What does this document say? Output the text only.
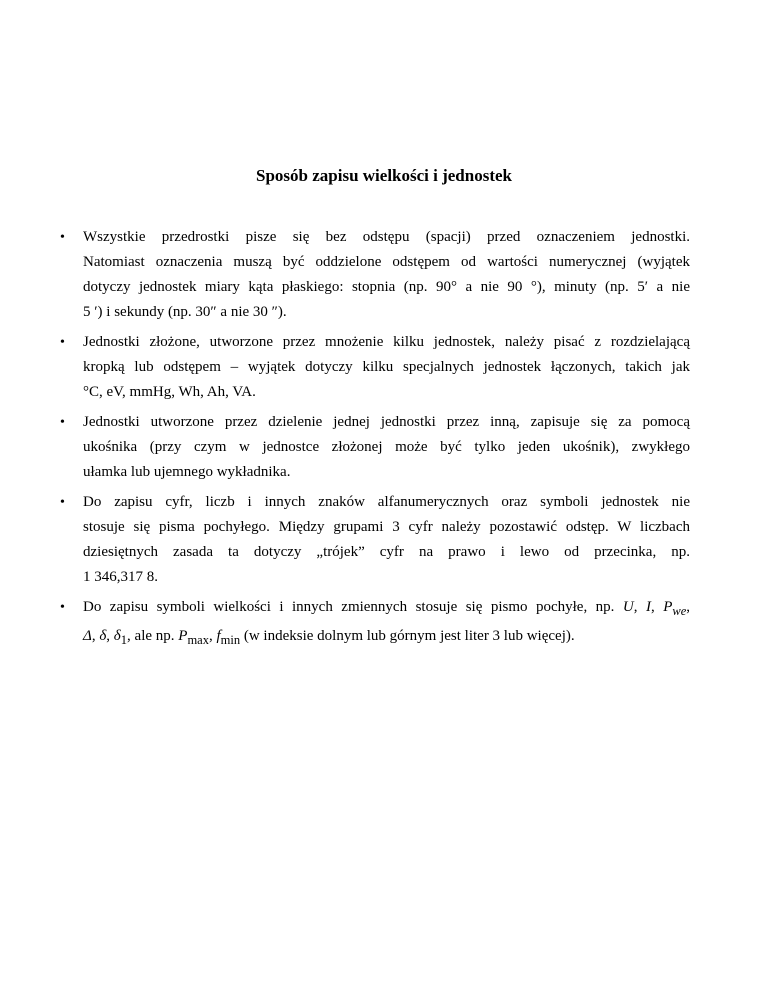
Sposób zapisu wielkości i jednostek
• Wszystkie przedrostki pisze się bez odstępu (spacji) przed oznaczeniem jednostki.
Natomiast oznaczenia muszą być oddzielone odstępem od wartości numerycznej (wyjątek
dotyczy jednostek miary kąta płaskiego: stopnia (np. 90° a nie 90 °), minuty (np. 5′ a nie
5 ′) i sekundy (np. 30″ a nie 30 ″).
• Jednostki złożone, utworzone przez mnożenie kilku jednostek, należy pisać z rozdzielającą
kropką lub odstępem – wyjątek dotyczy kilku specjalnych jednostek łączonych, takich jak
°C, eV, mmHg, Wh, Ah, VA.
• Jednostki utworzone przez dzielenie jednej jednostki przez inną, zapisuje się za pomocą
ukośnika (przy czym w jednostce złożonej może być tylko jeden ukośnik), zwykłego
ułamka lub ujemnego wykładnika.
• Do zapisu cyfr, liczb i innych znaków alfanumerycznych oraz symboli jednostek nie
stosuje się pisma pochyłego. Między grupami 3 cyfr należy pozostawić odstęp. W liczbach
dziesiętnych zasada ta dotyczy „trójek” cyfr na prawo i lewo od przecinka, np.
1 346,317 8.
• Do zapisu symboli wielkości i innych zmiennych stosuje się pismo pochyłe, np. U, I, $P_{we}$,
Δ, δ, $\delta_1$, ale np. $P_{max}$, $f_{min}$ (w indeksie dolnym lub górnym jest liter 3 lub więcej).
